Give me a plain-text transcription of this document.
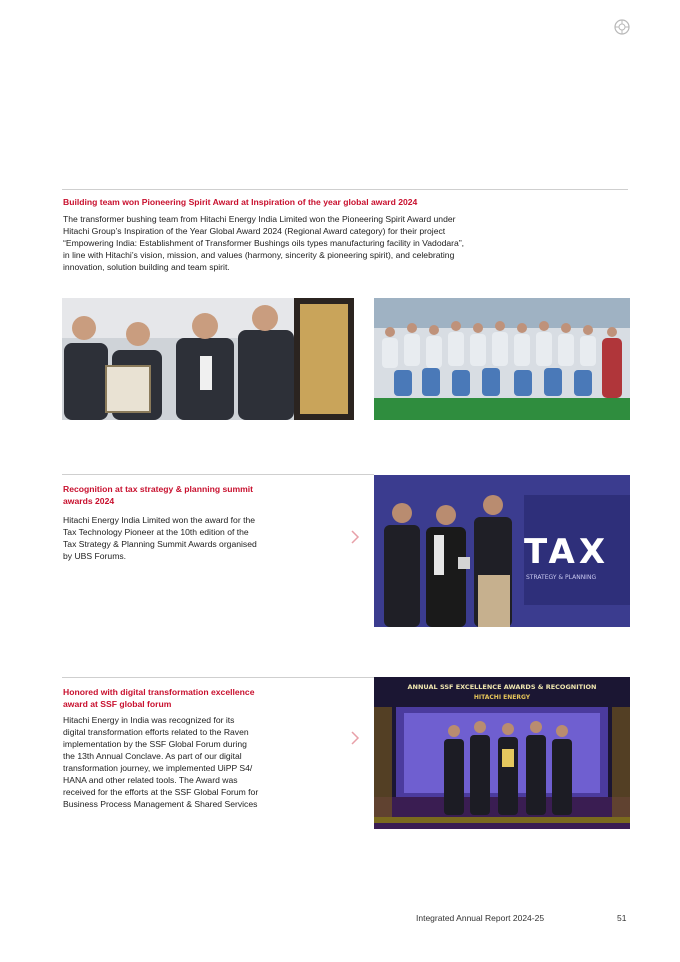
Building team won Pioneering Spirit Award at Inspiration of the year global award 2024
The transformer bushing team from Hitachi Energy India Limited won the Pioneering Spirit Award under
Hitachi Group’s Inspiration of the Year Global Award 2024 (Regional Award category) for their project
“Empowering India: Establishment of Transformer Bushings oils types manufacturing facility in Vadodara”,
in line with Hitachi’s vision, mission, and values (harmony, sincerity & pioneering spirit), and celebrating
innovation, solution building and team spirit.
Recognition at tax strategy & planning summit
awards 2024
Hitachi Energy India Limited won the award for the
Tax Technology Pioneer at the 10th edition of the
Tax Strategy & Planning Summit Awards organised
by UBS Forums.	TAX
STRATEGY & PLANNING
Honored with digital transformation excellence
award at SSF global forum
Hitachi Energy in India was recognized for its
digital transformation efforts related to the Raven
implementation by the SSF Global Forum during
the 13th Annual Conclave. As part of our digital
transformation journey, we implemented UiPP S4/
HANA and other related tools. The Award was
received for the efforts at the SSF Global Forum for
Business Process Management & Shared Services
ANNUAL SSF EXCELLENCE AWARDS & RECOGNITION
HITACHI ENERGY
Integrated Annual Report 2024-25	51
